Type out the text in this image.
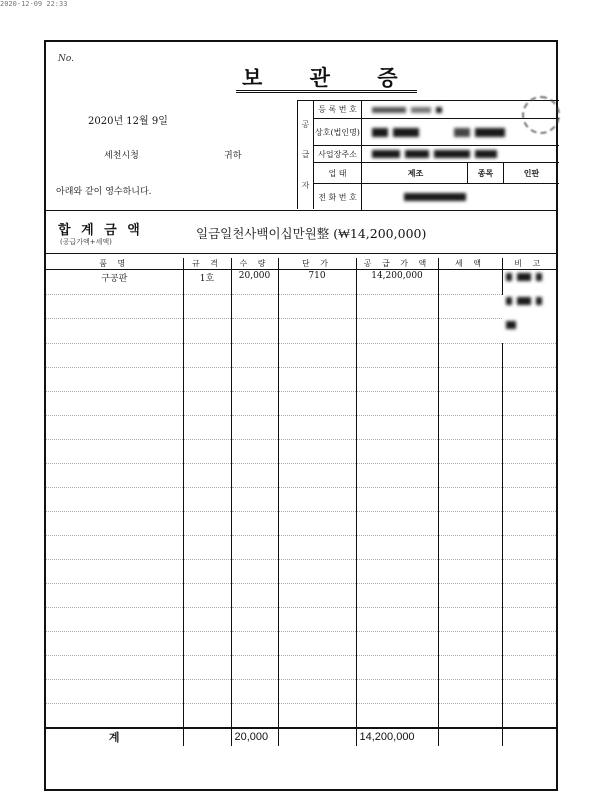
2020-12-09 22:33
No.
보 관 증
2020년 12월 9일
세천시청	귀하
아래와 같이 영수하니다.
공
급
자
등 록 번 호
상호(법인명)
사업장주소
업 태	제조	종목	인판
전 화 번 호
합 계 금 액
(공급가액+세액)
일금일천사백이십만원整 (₩14,200,000)
품 명	규 격	수 량	단 가	공 급 가 액	세 액	비 고
구공판	1호	20,000	710	14,200,000		

계		20,000		14,200,000		
